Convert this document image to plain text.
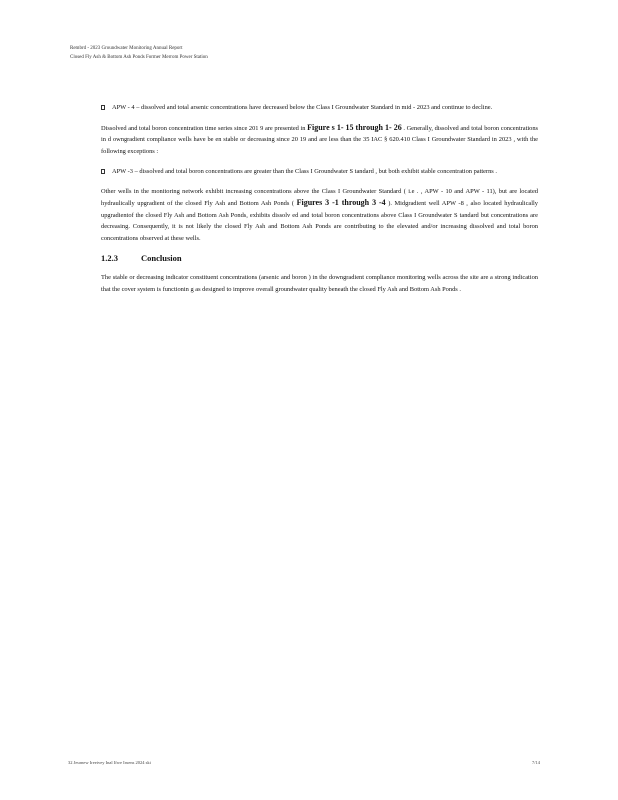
Rembrd - 2023 Groundwater Monitoring Annual Report
Closed Fly Ash & Bottom Ash Ponds Former Merrom Power Station
APW - 4 – dissolved and total arsenic concentrations have decreased below the Class I Groundwater Standard in mid - 2023 and continue to decline.

Dissolved and total boron concentration time series since 201 9 are presented in Figure s 1- 15 through 1- 26 . Generally, dissolved and total boron concentrations in d owngradient compliance wells have be en stable or decreasing since 20 19 and are less than the 35 IAC § 620.410 Class I Groundwater Standard in 2023 , with the following exceptions :

APW -3 – dissolved and total boron concentrations are greater than the Class I Groundwater S tandard , but both exhibit stable concentration patterns .

Other wells in the monitoring network exhibit increasing concentrations above the Class I Groundwater Standard ( i.e . , APW - 10 and APW - 11), but are located hydraulically upgradient of the closed Fly Ash and Bottom Ash Ponds ( Figures 3 -1 through 3 -4 ). Midgradient well APW -8 , also located hydraulically upgradientof the closed Fly Ash and Bottom Ash Ponds, exhibits dissolv ed and total boron concentrations above Class I Groundwater S tandard but concentrations are decreasing. Consequently, it is not likely the closed Fly Ash and Bottom Ash Ponds are contributing to the elevated and/or increasing dissolved and total boron concentrations observed at these wells.

1.2.3	Conclusion

The stable or decreasing indicator constituent concentrations (arsenic and boron ) in the downgradient compliance monitoring wells across the site are a strong indication that the cover system is functionin g as designed to improve overall groundwater quality beneath the closed Fly Ash and Bottom Ash Ponds .

32 Jeurnew Ireeivey Inal Ifwe Iruens 2024 ski	7/14
